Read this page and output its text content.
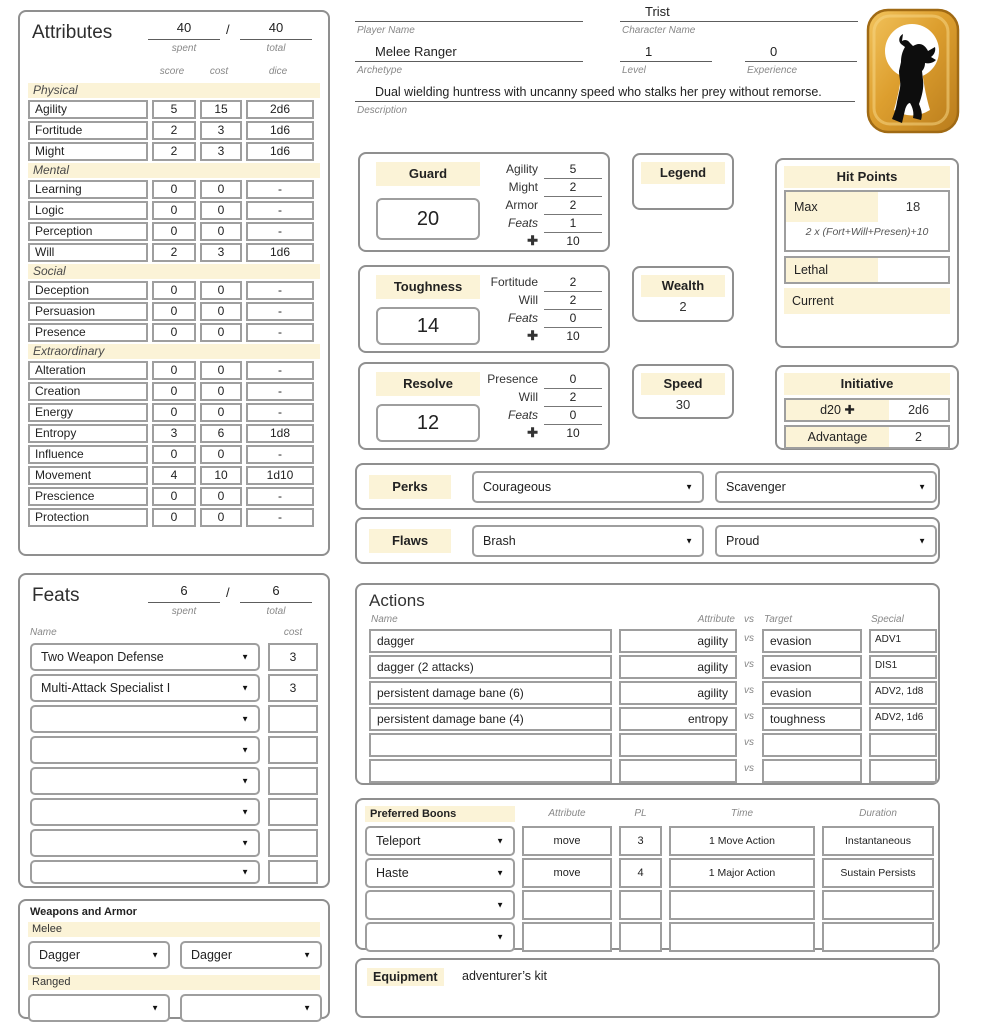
Trist
Character Name
Player Name
Melee Ranger
Archetype
1
Level
0
Experience
Dual wielding huntress with uncanny speed who stalks her prey without remorse.
Description
Attributes	40	/	40
spent	total
score	cost	dice
Physical
Agility	5	15	2d6
Fortitude	2	3	1d6
Might	2	3	1d6
Mental
Learning	0	0	-
Logic	0	0	-
Perception	0	0	-
Will	2	3	1d6
Social
Deception	0	0	-
Persuasion	0	0	-
Presence	0	0	-
Extraordinary
Alteration	0	0	-
Creation	0	0	-
Energy	0	0	-
Entropy	3	6	1d8
Influence	0	0	-
Movement	4	10	1d10
Prescience	0	0	-
Protection	0	0	-
Guard
20
Agility	5
Might	2
Armor	2
Feats	1
✚	10
Toughness
14
Fortitude	2
Will	2
Feats	0
✚	10
Resolve
12
Presence	0
Will	2
Feats	0
✚	10
Legend
Wealth
2
Speed
30
Hit Points
Max	18
2 x (Fort+Will+Presen)+10
Lethal
Current
Initiative
d20 ✚	2d6
Advantage	2
Perks	Courageous	▼	Scavenger	▼
Flaws	Brash	▼	Proud	▼
Feats	6	/	6
spent	total
Name	cost
Two Weapon Defense	▼	3
Multi-Attack Specialist I	▼	3
▼
▼
▼
▼
▼
▼
Actions
Name	Attribute vs	Target	Special
dagger	agility	vs	evasion	ADV1
dagger (2 attacks)	agility	vs	evasion	DIS1
persistent damage bane (6)	agility	vs	evasion	ADV2, 1d8
persistent damage bane (4)	entropy	vs	toughness	ADV2, 1d6
vs
vs
Preferred Boons	Attribute	PL	Time	Duration
Teleport	▼	move	3	1 Move Action	Instantaneous
Haste	▼	move	4	1 Major Action	Sustain Persists
▼
▼
Weapons and Armor
Melee
Dagger	▼	Dagger	▼
Ranged
▼	▼
Equipment	adventurer’s kit
